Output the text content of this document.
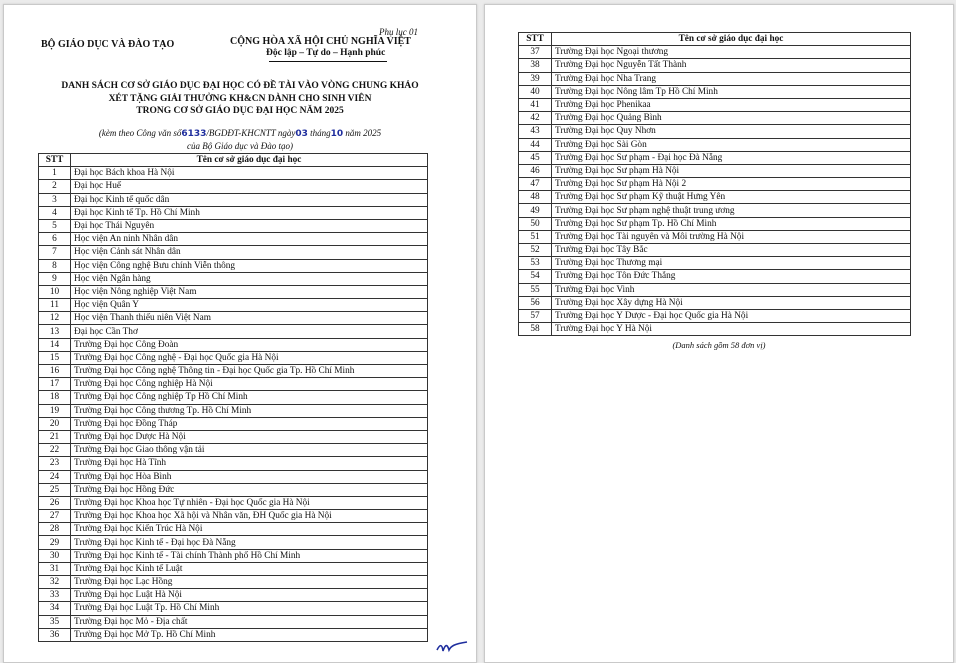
Phụ lục 01
BỘ GIÁO DỤC VÀ ĐÀO TẠO	CỘNG HÒA XÃ HỘI CHỦ NGHĨA VIỆT
Độc lập – Tự do – Hạnh phúc
DANH SÁCH CƠ SỞ GIÁO DỤC ĐẠI HỌC CÓ ĐỀ TÀI VÀO VÒNG CHUNG KHẢO
XÉT TẶNG GIẢI THƯỞNG KH&CN DÀNH CHO SINH VIÊN
TRONG CƠ SỞ GIÁO DỤC ĐẠI HỌC NĂM 2025
(kèm theo Công văn số6133/BGDĐT-KHCNTT ngày03 tháng10 năm 2025
của Bộ Giáo dục và Đào tạo)
STT	Tên cơ sở giáo dục đại học
1	Đại học Bách khoa Hà Nội
2	Đại học Huế
3	Đại học Kinh tế quốc dân
4	Đại học Kinh tế Tp. Hồ Chí Minh
5	Đại học Thái Nguyên
6	Học viện An ninh Nhân dân
7	Học viện Cảnh sát Nhân dân
8	Học viện Công nghệ Bưu chính Viễn thông
9	Học viện Ngân hàng
10	Học viện Nông nghiệp Việt Nam
11	Học viện Quân Y
12	Học viện Thanh thiếu niên Việt Nam
13	Đại học Cần Thơ
14	Trường Đại học Công Đoàn
15	Trường Đại học Công nghệ - Đại học Quốc gia Hà Nội
16	Trường Đại học Công nghệ Thông tin - Đại học Quốc gia Tp. Hồ Chí Minh
17	Trường Đại học Công nghiệp Hà Nội
18	Trường Đại học Công nghiệp Tp Hồ Chí Minh
19	Trường Đại học Công thương Tp. Hồ Chí Minh
20	Trường Đại học Đồng Tháp
21	Trường Đại học Dược Hà Nội
22	Trường Đại học Giao thông vận tải
23	Trường Đại học Hà Tĩnh
24	Trường Đại học Hòa Bình
25	Trường Đại học Hồng Đức
26	Trường Đại học Khoa học Tự nhiên - Đại học Quốc gia Hà Nội
27	Trường Đại học Khoa học Xã hội và Nhân văn, ĐH Quốc gia Hà Nội
28	Trường Đại học Kiến Trúc Hà Nội
29	Trường Đại học Kinh tế - Đại học Đà Nẵng
30	Trường Đại học Kinh tế - Tài chính Thành phố Hồ Chí Minh
31	Trường Đại học Kinh tế Luật
32	Trường Đại học Lạc Hồng
33	Trường Đại học Luật Hà Nội
34	Trường Đại học Luật Tp. Hồ Chí Minh
35	Trường Đại học Mỏ - Địa chất
36	Trường Đại học Mở Tp. Hồ Chí Minh
STT	Tên cơ sở giáo dục đại học
37	Trường Đại học Ngoại thương
38	Trường Đại học Nguyễn Tất Thành
39	Trường Đại học Nha Trang
40	Trường Đại học Nông lâm Tp Hồ Chí Minh
41	Trường Đại học Phenikaa
42	Trường Đại học Quảng Bình
43	Trường Đại học Quy Nhơn
44	Trường Đại học Sài Gòn
45	Trường Đại học Sư phạm - Đại học Đà Nẵng
46	Trường Đại học Sư phạm Hà Nội
47	Trường Đại học Sư phạm Hà Nội 2
48	Trường Đại học Sư phạm Kỹ thuật Hưng Yên
49	Trường Đại học Sư phạm nghệ thuật trung ương
50	Trường Đại học Sư phạm Tp. Hồ Chí Minh
51	Trường Đại học Tài nguyên và Môi trường Hà Nội
52	Trường Đại học Tây Bắc
53	Trường Đại học Thương mại
54	Trường Đại học Tôn Đức Thắng
55	Trường Đại học Vinh
56	Trường Đại học Xây dựng Hà Nội
57	Trường Đại học Y Dược - Đại học Quốc gia Hà Nội
58	Trường Đại học Y Hà Nội
(Danh sách gồm 58 đơn vị)
